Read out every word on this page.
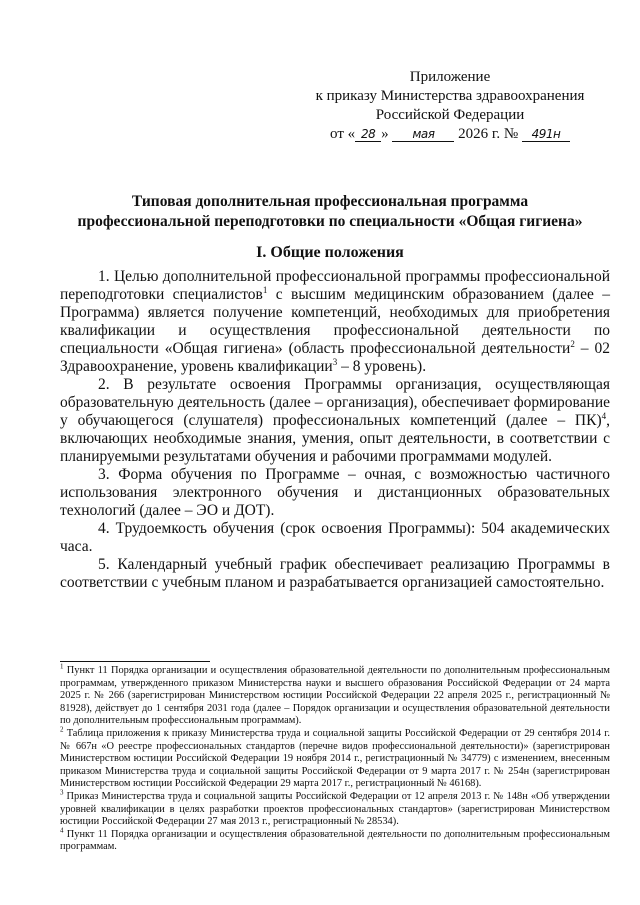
Приложение
к приказу Министерства здравоохранения
Российской Федерации
от « 28 » мая 2026 г. № 491н
Типовая дополнительная профессиональная программа
профессиональной переподготовки по специальности «Общая гигиена»
I. Общие положения

1. Целью дополнительной профессиональной программы профессиональной переподготовки специалистов$^1$ с высшим медицинским образованием (далее – Программа) является получение компетенций, необходимых для приобретения квалификации и осуществления профессиональной деятельности по специальности «Общая гигиена» (область профессиональной деятельности$^2$ – 02 Здравоохранение, уровень квалификации$^3$ – 8 уровень).

2. В результате освоения Программы организация, осуществляющая образовательную деятельность (далее – организация), обеспечивает формирование у обучающегося (слушателя) профессиональных компетенций (далее – ПК)$^4$, включающих необходимые знания, умения, опыт деятельности, в соответствии с планируемыми результатами обучения и рабочими программами модулей.

3. Форма обучения по Программе – очная, с возможностью частичного использования электронного обучения и дистанционных образовательных технологий (далее – ЭО и ДОТ).

4. Трудоемкость обучения (срок освоения Программы): 504 академических часа.

5. Календарный учебный график обеспечивает реализацию Программы в соответствии с учебным планом и разрабатывается организацией самостоятельно.

$^1$ Пункт 11 Порядка организации и осуществления образовательной деятельности по дополнительным профессиональным программам, утвержденного приказом Министерства науки и высшего образования Российской Федерации от 24 марта 2025 г. № 266 (зарегистрирован Министерством юстиции Российской Федерации 22 апреля 2025 г., регистрационный № 81928), действует до 1 сентября 2031 года (далее – Порядок организации и осуществления образовательной деятельности по дополнительным профессиональным программам).

$^2$ Таблица приложения к приказу Министерства труда и социальной защиты Российской Федерации от 29 сентября 2014 г. № 667н «О реестре профессиональных стандартов (перечне видов профессиональной деятельности)» (зарегистрирован Министерством юстиции Российской Федерации 19 ноября 2014 г., регистрационный № 34779) с изменением, внесенным приказом Министерства труда и социальной защиты Российской Федерации от 9 марта 2017 г. № 254н (зарегистрирован Министерством юстиции Российской Федерации 29 марта 2017 г., регистрационный № 46168).

$^3$ Приказ Министерства труда и социальной защиты Российской Федерации от 12 апреля 2013 г. № 148н «Об утверждении уровней квалификации в целях разработки проектов профессиональных стандартов» (зарегистрирован Министерством юстиции Российской Федерации 27 мая 2013 г., регистрационный № 28534).

$^4$ Пункт 11 Порядка организации и осуществления образовательной деятельности по дополнительным профессиональным программам.
